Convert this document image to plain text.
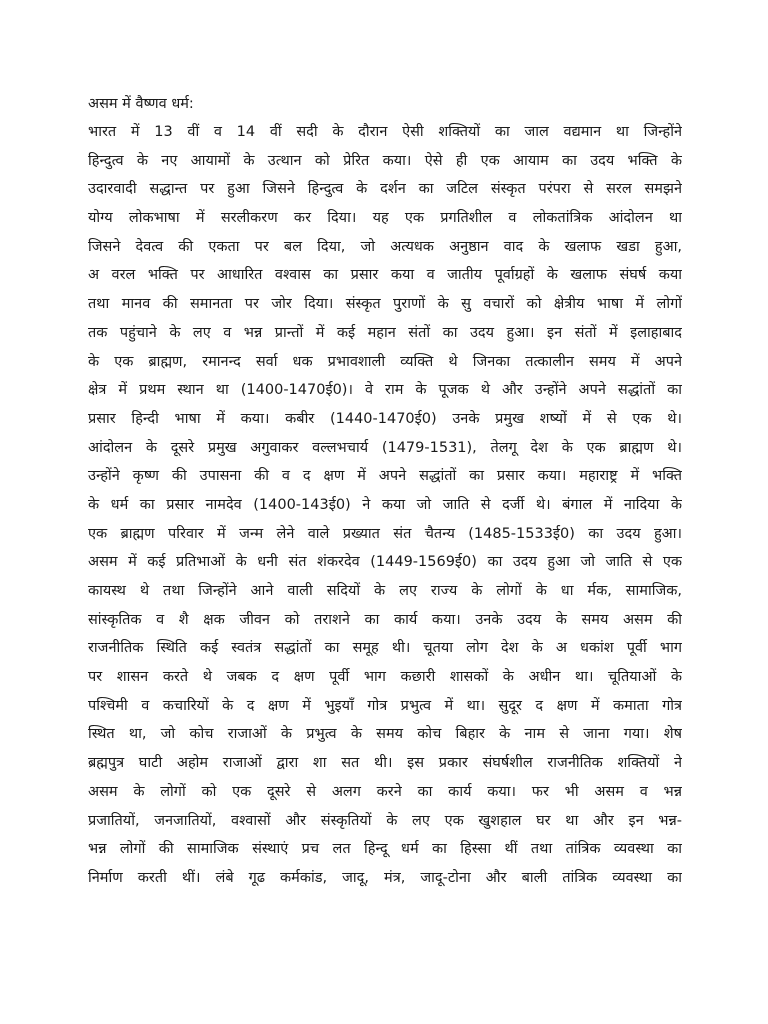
असम में वैष्णव धर्म:
भारत में 13 वीं व 14 वीं सदी के दौरान ऐसी शक्तियों का जाल वद्यमान था जिन्होंने
हिन्दुत्व के नए आयामों के उत्थान को प्रेरित कया। ऐसे ही एक आयाम का उदय भक्ति के
उदारवादी सद्धान्त पर हुआ जिसने हिन्दुत्व के दर्शन का जटिल संस्कृत परंपरा से सरल समझने
योग्य लोकभाषा में सरलीकरण कर दिया। यह एक प्रगतिशील व लोकतांत्रिक आंदोलन था
जिसने देवत्व की एकता पर बल दिया, जो अत्यधक अनुष्ठान वाद के खलाफ खडा हुआ,
अ वरल भक्ति पर आधारित वश्वास का प्रसार कया व जातीय पूर्वाग्रहों के खलाफ संघर्ष कया
तथा मानव की समानता पर जोर दिया। संस्कृत पुराणों के सु वचारों को क्षेत्रीय भाषा में लोगों
तक पहुंचाने के लए व भन्न प्रान्तों में कई महान संतों का उदय हुआ। इन संतों में इलाहाबाद
के एक ब्राह्मण, रमानन्द सर्वा धक प्रभावशाली व्यक्ति थे जिनका तत्कालीन समय में अपने
क्षेत्र में प्रथम स्थान था (1400-1470ई0)। वे राम के पूजक थे और उन्होंने अपने सद्धांतों का
प्रसार हिन्दी भाषा में कया। कबीर (1440-1470ई0) उनके प्रमुख शष्यों में से एक थे।
आंदोलन के दूसरे प्रमुख अगुवाकर वल्लभचार्य (1479-1531), तेलगू देश के एक ब्राह्मण थे।
उन्होंने कृष्ण की उपासना की व द क्षण में अपने सद्धांतों का प्रसार कया। महाराष्ट्र में भक्ति
के धर्म का प्रसार नामदेव (1400-143ई0) ने कया जो जाति से दर्जी थे। बंगाल में नादिया के
एक ब्राह्मण परिवार में जन्म लेने वाले प्रख्यात संत चैतन्य (1485-1533ई0) का उदय हुआ।
असम में कई प्रतिभाओं के धनी संत शंकरदेव (1449-1569ई0) का उदय हुआ जो जाति से एक
कायस्थ थे तथा जिन्होंने आने वाली सदियों के लए राज्य के लोगों के धा र्मक, सामाजिक,
सांस्कृतिक व शै क्षक जीवन को तराशने का कार्य कया। उनके उदय के समय असम की
राजनीतिक स्थिति कई स्वतंत्र सद्धांतों का समूह थी। चूतया लोग देश के अ धकांश पूर्वी भाग
पर शासन करते थे जबक द क्षण पूर्वी भाग कछारी शासकों के अधीन था। चूतियाओं के
पश्चिमी व कचारियों के द क्षण में भुइयाँ गोत्र प्रभुत्व में था। सुदूर द क्षण में कमाता गोत्र
स्थित था, जो कोच राजाओं के प्रभुत्व के समय कोच बिहार के नाम से जाना गया। शेष
ब्रह्मपुत्र घाटी अहोम राजाओं द्वारा शा सत थी। इस प्रकार संघर्षशील राजनीतिक शक्तियों ने
असम के लोगों को एक दूसरे से अलग करने का कार्य कया। फर भी असम व भन्न
प्रजातियों, जनजातियों, वश्वासों और संस्कृतियों के लए एक खुशहाल घर था और इन भन्न-
भन्न लोगों की सामाजिक संस्थाएं प्रच लत हिन्दू धर्म का हिस्सा थीं तथा तांत्रिक व्यवस्था का
निर्माण करती थीं। लंबे गूढ कर्मकांड, जादू, मंत्र, जादू-टोना और बाली तांत्रिक व्यवस्था का
